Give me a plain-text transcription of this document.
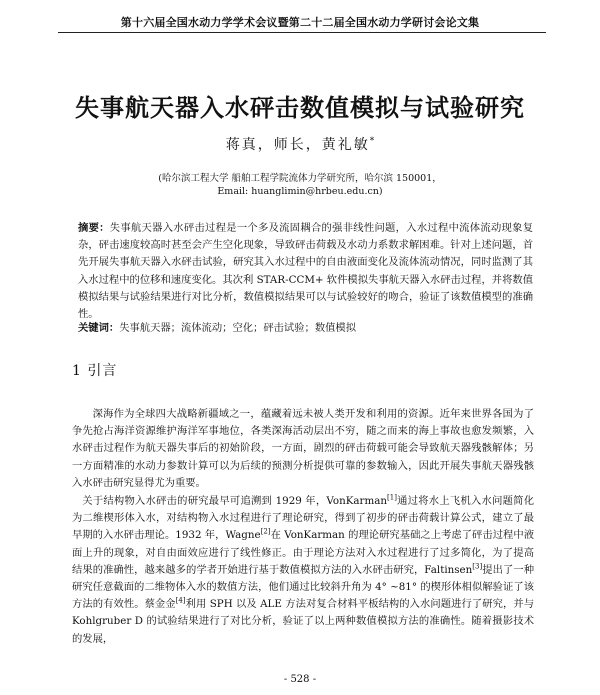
第十六届全国水动力学学术会议暨第二十二届全国水动力学研讨会论文集
失事航天器入水砰击数值模拟与试验研究
蒋真，师长，黄礼敏*
(哈尔滨工程大学 船舶工程学院流体力学研究所，哈尔滨 150001，
Email: huanglimin@hrbeu.edu.cn)
摘要：失事航天器入水砰击过程是一个多及流固耦合的强非线性问题，入水过程中流体流动现象复杂，砰击速度较高时甚至会产生空化现象，导致砰击荷载及水动力系数求解困难。针对上述问题，首先开展失事航天器入水砰击试验，研究其入水过程中的自由液面变化及流体流动情况，同时监测了其入水过程中的位移和速度变化。其次利 STAR-CCM+ 软件模拟失事航天器入水砰击过程，并将数值模拟结果与试验结果进行对比分析，数值模拟结果可以与试验较好的吻合，验证了该数值模型的准确性。
关键词：失事航天器；流体流动；空化；砰击试验；数值模拟
1 引言
深海作为全球四大战略新疆域之一，蕴藏着远未被人类开发和利用的资源。近年来世界各国为了争先抢占海洋资源维护海洋军事地位，各类深海活动层出不穷，随之而来的海上事故也愈发频繁，入水砰击过程作为航天器失事后的初始阶段，一方面，剧烈的砰击荷载可能会导致航天器残骸解体；另一方面精准的水动力参数计算可以为后续的预测分析提供可靠的参数输入，因此开展失事航天器残骸入水砰击研究显得尤为重要。
关于结构物入水砰击的研究最早可追溯到 1929 年，VonKarman[1]通过将水上飞机入水问题简化为二维楔形体入水，对结构物入水过程进行了理论研究，得到了初步的砰击荷载计算公式，建立了最早期的入水砰击理论。1932 年，Wagne[2]在 VonKarman 的理论研究基础之上考虑了砰击过程中液面上升的现象，对自由面效应进行了线性修正。由于理论方法对入水过程进行了过多简化，为了提高结果的准确性，越来越多的学者开始进行基于数值模拟方法的入水砰击研究，Faltinsen[3]提出了一种研究任意截面的二维物体入水的数值方法，他们通过比较斜升角为 4° ~81° 的楔形体相似解验证了该方法的有效性。蔡金金[4]利用 SPH 以及 ALE 方法对复合材料平板结构的入水问题进行了研究，并与 Kohlgruber D 的试验结果进行了对比分析，验证了以上两种数值模拟方法的准确性。随着摄影技术的发展，
- 528 -
